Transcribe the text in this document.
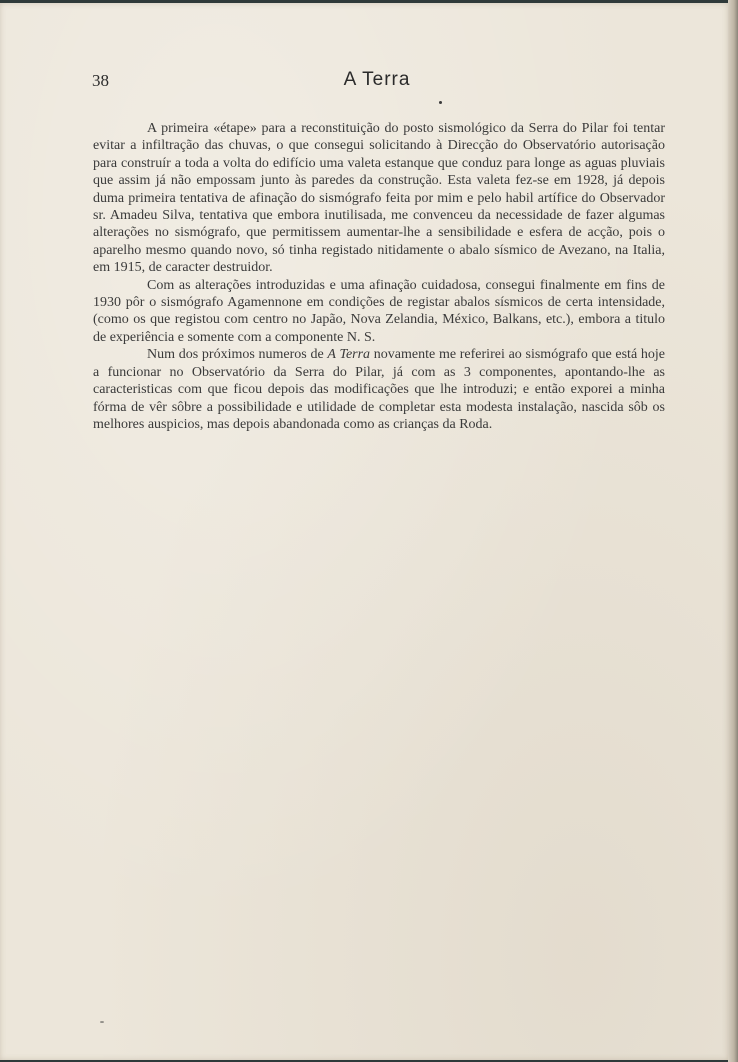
38	A Terra

A primeira «étape» para a reconstituição do posto sismológico da Serra do Pilar foi tentar evitar a infiltração das chuvas, o que consegui solicitando à Direcção do Observatório autorisação para construír a toda a volta do edifício uma valeta estanque que conduz para longe as aguas pluviais que assim já não empossam junto às paredes da construção. Esta valeta fez-se em 1928, já depois duma primeira tentativa de afinação do sismógrafo feita por mim e pelo habil artífice do Observador sr. Amadeu Silva, tentativa que embora inutilisada, me convenceu da necessidade de fazer algumas alterações no sismógrafo, que permitissem aumentar-lhe a sensibilidade e esfera de acção, pois o aparelho mesmo quando novo, só tinha registado nitidamente o abalo sísmico de Avezano, na Italia, em 1915, de caracter destruidor.

Com as alterações introduzidas e uma afinação cuidadosa, consegui finalmente em fins de 1930 pôr o sismógrafo Agamennone em condições de registar abalos sísmicos de certa intensidade, (como os que registou com centro no Japão, Nova Zelandia, México, Balkans, etc.), embora a titulo de experiência e somente com a componente N. S.

Num dos próximos numeros de A Terra novamente me referirei ao sismógrafo que está hoje a funcionar no Observatório da Serra do Pilar, já com as 3 componentes, apontando-lhe as caracteristicas com que ficou depois das modificações que lhe introduzi; e então exporei a minha fórma de vêr sôbre a possibilidade e utilidade de completar esta modesta instalação, nascida sôb os melhores auspicios, mas depois abandonada como as crianças da Roda.
